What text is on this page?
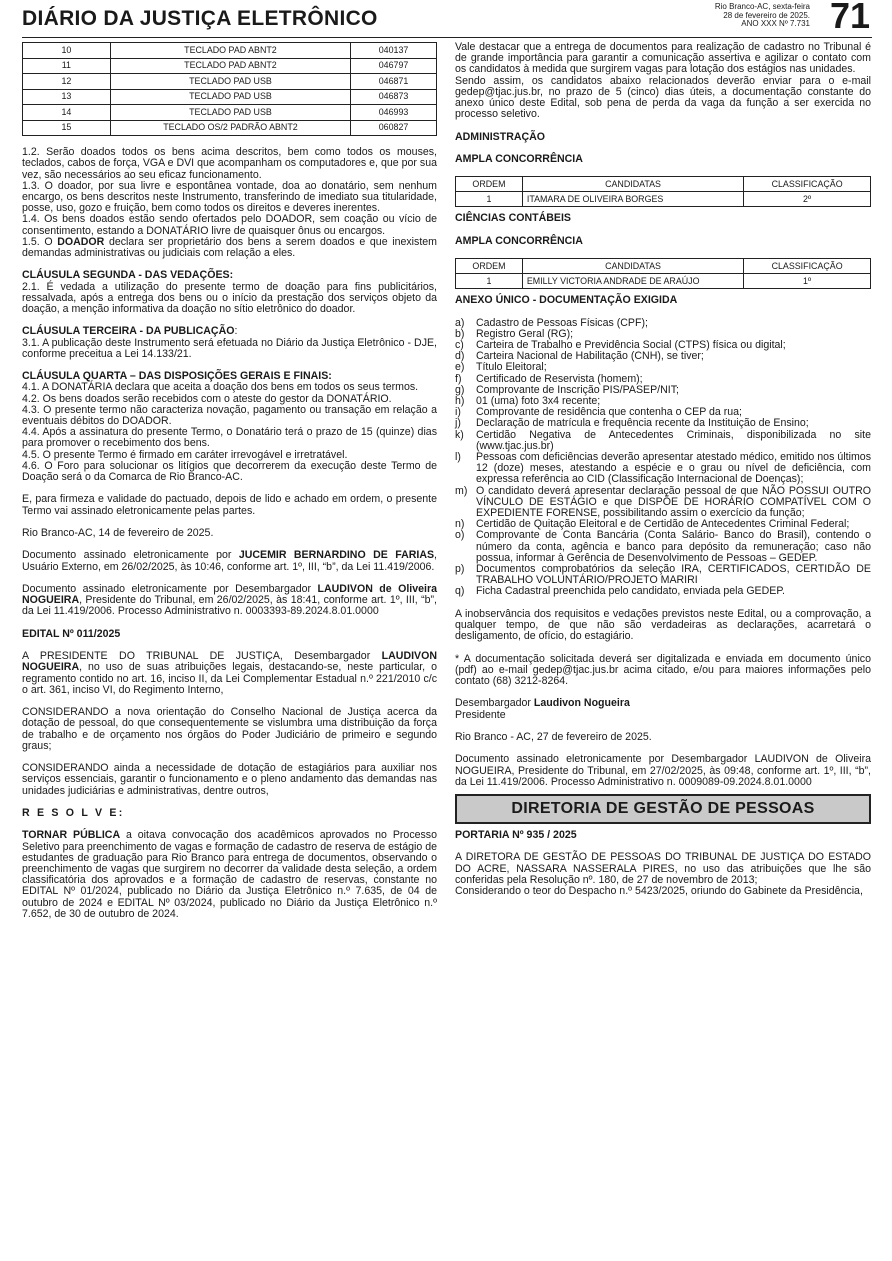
DIÁRIO DA JUSTIÇA ELETRÔNICO
Rio Branco-AC, sexta-feira
28 de fevereiro de 2025.
ANO XXX Nº 7.731 71
10	TECLADO PAD ABNT2	040137
11	TECLADO PAD ABNT2	046797
12	TECLADO PAD USB	046871
13	TECLADO PAD USB	046873
14	TECLADO PAD USB	046993
15	TECLADO OS/2 PADRÃO ABNT2	060827

1.2. Serão doados todos os bens acima descritos, bem como todos os mouses, teclados, cabos de força, VGA e DVI que acompanham os computadores e, que por sua vez, são necessários ao seu eficaz funcionamento.

1.3. O doador, por sua livre e espontânea vontade, doa ao donatário, sem nenhum encargo, os bens descritos neste Instrumento, transferindo de imediato sua titularidade, posse, uso, gozo e fruição, bem como todos os direitos e deveres inerentes.

1.4. Os bens doados estão sendo ofertados pelo DOADOR, sem coação ou vício de consentimento, estando a DONATÁRIO livre de quaisquer ônus ou encargos.

1.5. O DOADOR declara ser proprietário dos bens a serem doados e que inexistem demandas administrativas ou judiciais com relação a eles.

CLÁUSULA SEGUNDA - DAS VEDAÇÕES:

2.1. É vedada a utilização do presente termo de doação para fins publicitários, ressalvada, após a entrega dos bens ou o início da prestação dos serviços objeto da doação, a menção informativa da doação no sítio eletrônico do doador.

CLÁUSULA TERCEIRA - DA PUBLICAÇÃO:

3.1. A publicação deste Instrumento será efetuada no Diário da Justiça Eletrônico - DJE, conforme preceitua a Lei 14.133/21.

CLÁUSULA QUARTA – DAS DISPOSIÇÕES GERAIS E FINAIS:

4.1. A DONATÁRIA declara que aceita a doação dos bens em todos os seus termos.

4.2. Os bens doados serão recebidos com o ateste do gestor da DONATÁRIO.

4.3. O presente termo não caracteriza novação, pagamento ou transação em relação a eventuais débitos do DOADOR.

4.4. Após a assinatura do presente Termo, o Donatário terá o prazo de 15 (quinze) dias para promover o recebimento dos bens.

4.5. O presente Termo é firmado em caráter irrevogável e irretratável.

4.6. O Foro para solucionar os litígios que decorrerem da execução deste Termo de Doação será o da Comarca de Rio Branco-AC.

E, para firmeza e validade do pactuado, depois de lido e achado em ordem, o presente Termo vai assinado eletronicamente pelas partes.

Rio Branco-AC, 14 de fevereiro de 2025.

Documento assinado eletronicamente por JUCEMIR BERNARDINO DE FARIAS, Usuário Externo, em 26/02/2025, às 10:46, conforme art. 1º, III, “b”, da Lei 11.419/2006.

Documento assinado eletronicamente por Desembargador LAUDIVON de Oliveira NOGUEIRA, Presidente do Tribunal, em 26/02/2025, às 18:41, conforme art. 1º, III, “b”, da Lei 11.419/2006. Processo Administrativo n. 0003393-89.2024.8.01.0000

EDITAL Nº 011/2025

A PRESIDENTE DO TRIBUNAL DE JUSTIÇA, Desembargador LAUDIVON NOGUEIRA, no uso de suas atribuições legais, destacando-se, neste particular, o regramento contido no art. 16, inciso II, da Lei Complementar Estadual n.º 221/2010 c/c o art. 361, inciso VI, do Regimento Interno,

CONSIDERANDO a nova orientação do Conselho Nacional de Justiça acerca da dotação de pessoal, do que consequentemente se vislumbra uma distribuição da força de trabalho e de orçamento nos órgãos do Poder Judiciário de primeiro e segundo graus;

CONSIDERANDO ainda a necessidade de dotação de estagiários para auxiliar nos serviços essenciais, garantir o funcionamento e o pleno andamento das demandas nas unidades judiciárias e administrativas, dentre outros,

R E S O L V E:

TORNAR PÚBLICA a oitava convocação dos acadêmicos aprovados no Processo Seletivo para preenchimento de vagas e formação de cadastro de reserva de estágio de estudantes de graduação para Rio Branco para entrega de documentos, observando o preenchimento de vagas que surgirem no decorrer da validade desta seleção, a ordem classificatória dos aprovados e a formação de cadastro de reservas, constante no EDITAL Nº 01/2024, publicado no Diário da Justiça Eletrônico n.º 7.635, de 04 de outubro de 2024 e EDITAL Nº 03/2024, publicado no Diário da Justiça Eletrônico n.º 7.652, de 30 de outubro de 2024.

Vale destacar que a entrega de documentos para realização de cadastro no Tribunal é de grande importância para garantir a comunicação assertiva e agilizar o contato com os candidatos à medida que surgirem vagas para lotação dos estágios nas unidades.

Sendo assim, os candidatos abaixo relacionados deverão enviar para o e-mail gedep@tjac.jus.br, no prazo de 5 (cinco) dias úteis, a documentação constante do anexo único deste Edital, sob pena de perda da vaga da função a ser exercida no processo seletivo.

ADMINISTRAÇÃO
AMPLA CONCORRÊNCIA
ORDEM	CANDIDATAS	CLASSIFICAÇÃO
1	ITAMARA DE OLIVEIRA BORGES	2º
CIÊNCIAS CONTÁBEIS
AMPLA CONCORRÊNCIA
ORDEM	CANDIDATAS	CLASSIFICAÇÃO
1	EMILLY VICTORIA ANDRADE DE ARAÚJO	1º
ANEXO ÚNICO - DOCUMENTAÇÃO EXIGIDA
a)	Cadastro de Pessoas Físicas (CPF);
b)	Registro Geral (RG);
c)	Carteira de Trabalho e Previdência Social (CTPS) física ou digital;
d)	Carteira Nacional de Habilitação (CNH), se tiver;
e)	Título Eleitoral;
f)	Certificado de Reservista (homem);
g)	Comprovante de Inscrição PIS/PASEP/NIT;
h)	01 (uma) foto 3x4 recente;
i)	Comprovante de residência que contenha o CEP da rua;
j)	Declaração de matrícula e frequência recente da Instituição de Ensino;
k)	Certidão Negativa de Antecedentes Criminais, disponibilizada no site (www.tjac.jus.br)
l)	Pessoas com deficiências deverão apresentar atestado médico, emitido nos últimos 12 (doze) meses, atestando a espécie e o grau ou nível de deficiência, com expressa referência ao CID (Classificação Internacional de Doenças);
m) O candidato deverá apresentar declaração pessoal de que NÃO POSSUI OUTRO VÍNCULO DE ESTÁGIO e que DISPÕE DE HORÁRIO COMPATÍVEL COM O EXPEDIENTE FORENSE, possibilitando assim o exercício da função;
n)	Certidão de Quitação Eleitoral e de Certidão de Antecedentes Criminal Federal;
o)	Comprovante de Conta Bancária (Conta Salário- Banco do Brasil), contendo o número da conta, agência e banco para depósito da remuneração; caso não possua, informar à Gerência de Desenvolvimento de Pessoas – GEDEP.
p)	Documentos comprobatórios da seleção IRA, CERTIFICADOS, CERTIDÃO DE TRABALHO VOLUNTÁRIO/PROJETO MARIRI
q)	Ficha Cadastral preenchida pelo candidato, enviada pela GEDEP.

A inobservância dos requisitos e vedações previstos neste Edital, ou a comprovação, a qualquer tempo, de que não são verdadeiras as declarações, acarretará o desligamento, de ofício, do estagiário.

* A documentação solicitada deverá ser digitalizada e enviada em documento único (pdf) ao e-mail gedep@tjac.jus.br acima citado, e/ou para maiores informações pelo contato (68) 3212-8264.

Desembargador Laudivon Nogueira

Presidente

Rio Branco - AC, 27 de fevereiro de 2025.

Documento assinado eletronicamente por Desembargador LAUDIVON de Oliveira NOGUEIRA, Presidente do Tribunal, em 27/02/2025, às 09:48, conforme art. 1º, III, “b”, da Lei 11.419/2006. Processo Administrativo n. 0009089-09.2024.8.01.0000

DIRETORIA DE GESTÃO DE PESSOAS
PORTARIA Nº 935 / 2025

A DIRETORA DE GESTÃO DE PESSOAS DO TRIBUNAL DE JUSTIÇA DO ESTADO DO ACRE, NASSARA NASSERALA PIRES, no uso das atribuições que lhe são conferidas pela Resolução nº. 180, de 27 de novembro de 2013;

Considerando o teor do Despacho n.º 5423/2025, oriundo do Gabinete da Presidência,
